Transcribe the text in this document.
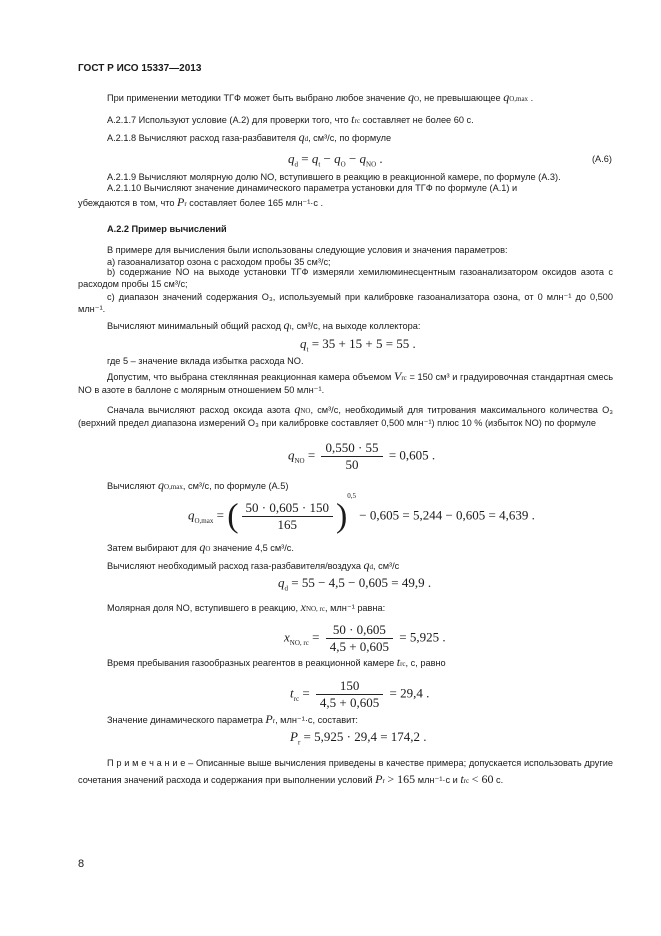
ГОСТ Р ИСО 15337—2013
При применении методики ТГФ может быть выбрано любое значение qO, не превышающее qO,max .
А.2.1.7 Используют условие (А.2) для проверки того, что trc составляет не более 60 с.
А.2.1.8 Вычисляют расход газа-разбавителя qd, см³/с, по формуле
$q_d = q_t - q_O - q_{NO}$ .	(А.6)
А.2.1.9 Вычисляют молярную долю NO, вступившего в реакцию в реакционной камере, по формуле (А.3).
А.2.1.10 Вычисляют значение динамического параметра установки для ТГФ по формуле (А.1) и
убеждаются в том, что Pr составляет более 165 млн⁻¹·с .
А.2.2 Пример вычислений
В примере для вычисления были использованы следующие условия и значения параметров:
а) газоанализатор озона с расходом пробы 35 см³/с;
b) содержание NO на выходе установки ТГФ измеряли хемилюминесцентным газоанализатором оксидов азота с расходом пробы 15 см³/с;
с) диапазон значений содержания O₃, используемый при калибровке газоанализатора озона, от 0 млн⁻¹ до 0,500 млн⁻¹.
Вычисляют минимальный общий расход qt, см³/с, на выходе коллектора:
$q_t = 35 + 15 + 5 = 55$ .
где 5 – значение вклада избытка расхода NO.
Допустим, что выбрана стеклянная реакционная камера объемом Vrc = 150 см³ и градуировочная стандартная смесь NO в азоте в баллоне с молярным отношением 50 млн⁻¹.
Сначала вычисляют расход оксида азота qNO, см³/с, необходимый для титрования максимального количества O₃ (верхний предел диапазона измерений O₃ при калибровке составляет 0,500 млн⁻¹) плюс 10 % (избыток NO) по формуле
$q_{NO} = \frac{0,550 \cdot 55}{50} = 0,605$ .
Вычисляют qO,max, см³/с, по формуле (А.5)
$q_{O,max}$ = ( $\frac{50 \cdot 0,605 \cdot 150}{165} )^{0,5} - 0,605 = 5,244 - 0,605 = 4,639$ .
Затем выбирают для qO значение 4,5 см³/с.
Вычисляют необходимый расход газа-разбавителя/воздуха qd, см³/с
$q_d = 55 - 4,5 - 0,605 = 49,9$ .
Молярная доля NO, вступившего в реакцию, xNO, rc, млн⁻¹ равна:
$x_{NO, rc} = \frac{50 \cdot 0,605}{4,5 + 0,605} = 5,925$ .
Время пребывания газообразных реагентов в реакционной камере trc, с, равно
$t_{rc} = \frac{150}{4,5 + 0,605} = 29,4$ .
Значение динамического параметра Pr, млн⁻¹·с, составит:
$P_r = 5,925 \cdot 29,4 = 174,2$ .
П р и м е ч а н и е – Описанные выше вычисления приведены в качестве примера; допускается использовать другие сочетания значений расхода и содержания при выполнении условий Pr > 165 млн⁻¹·с и trc < 60 с.
8
